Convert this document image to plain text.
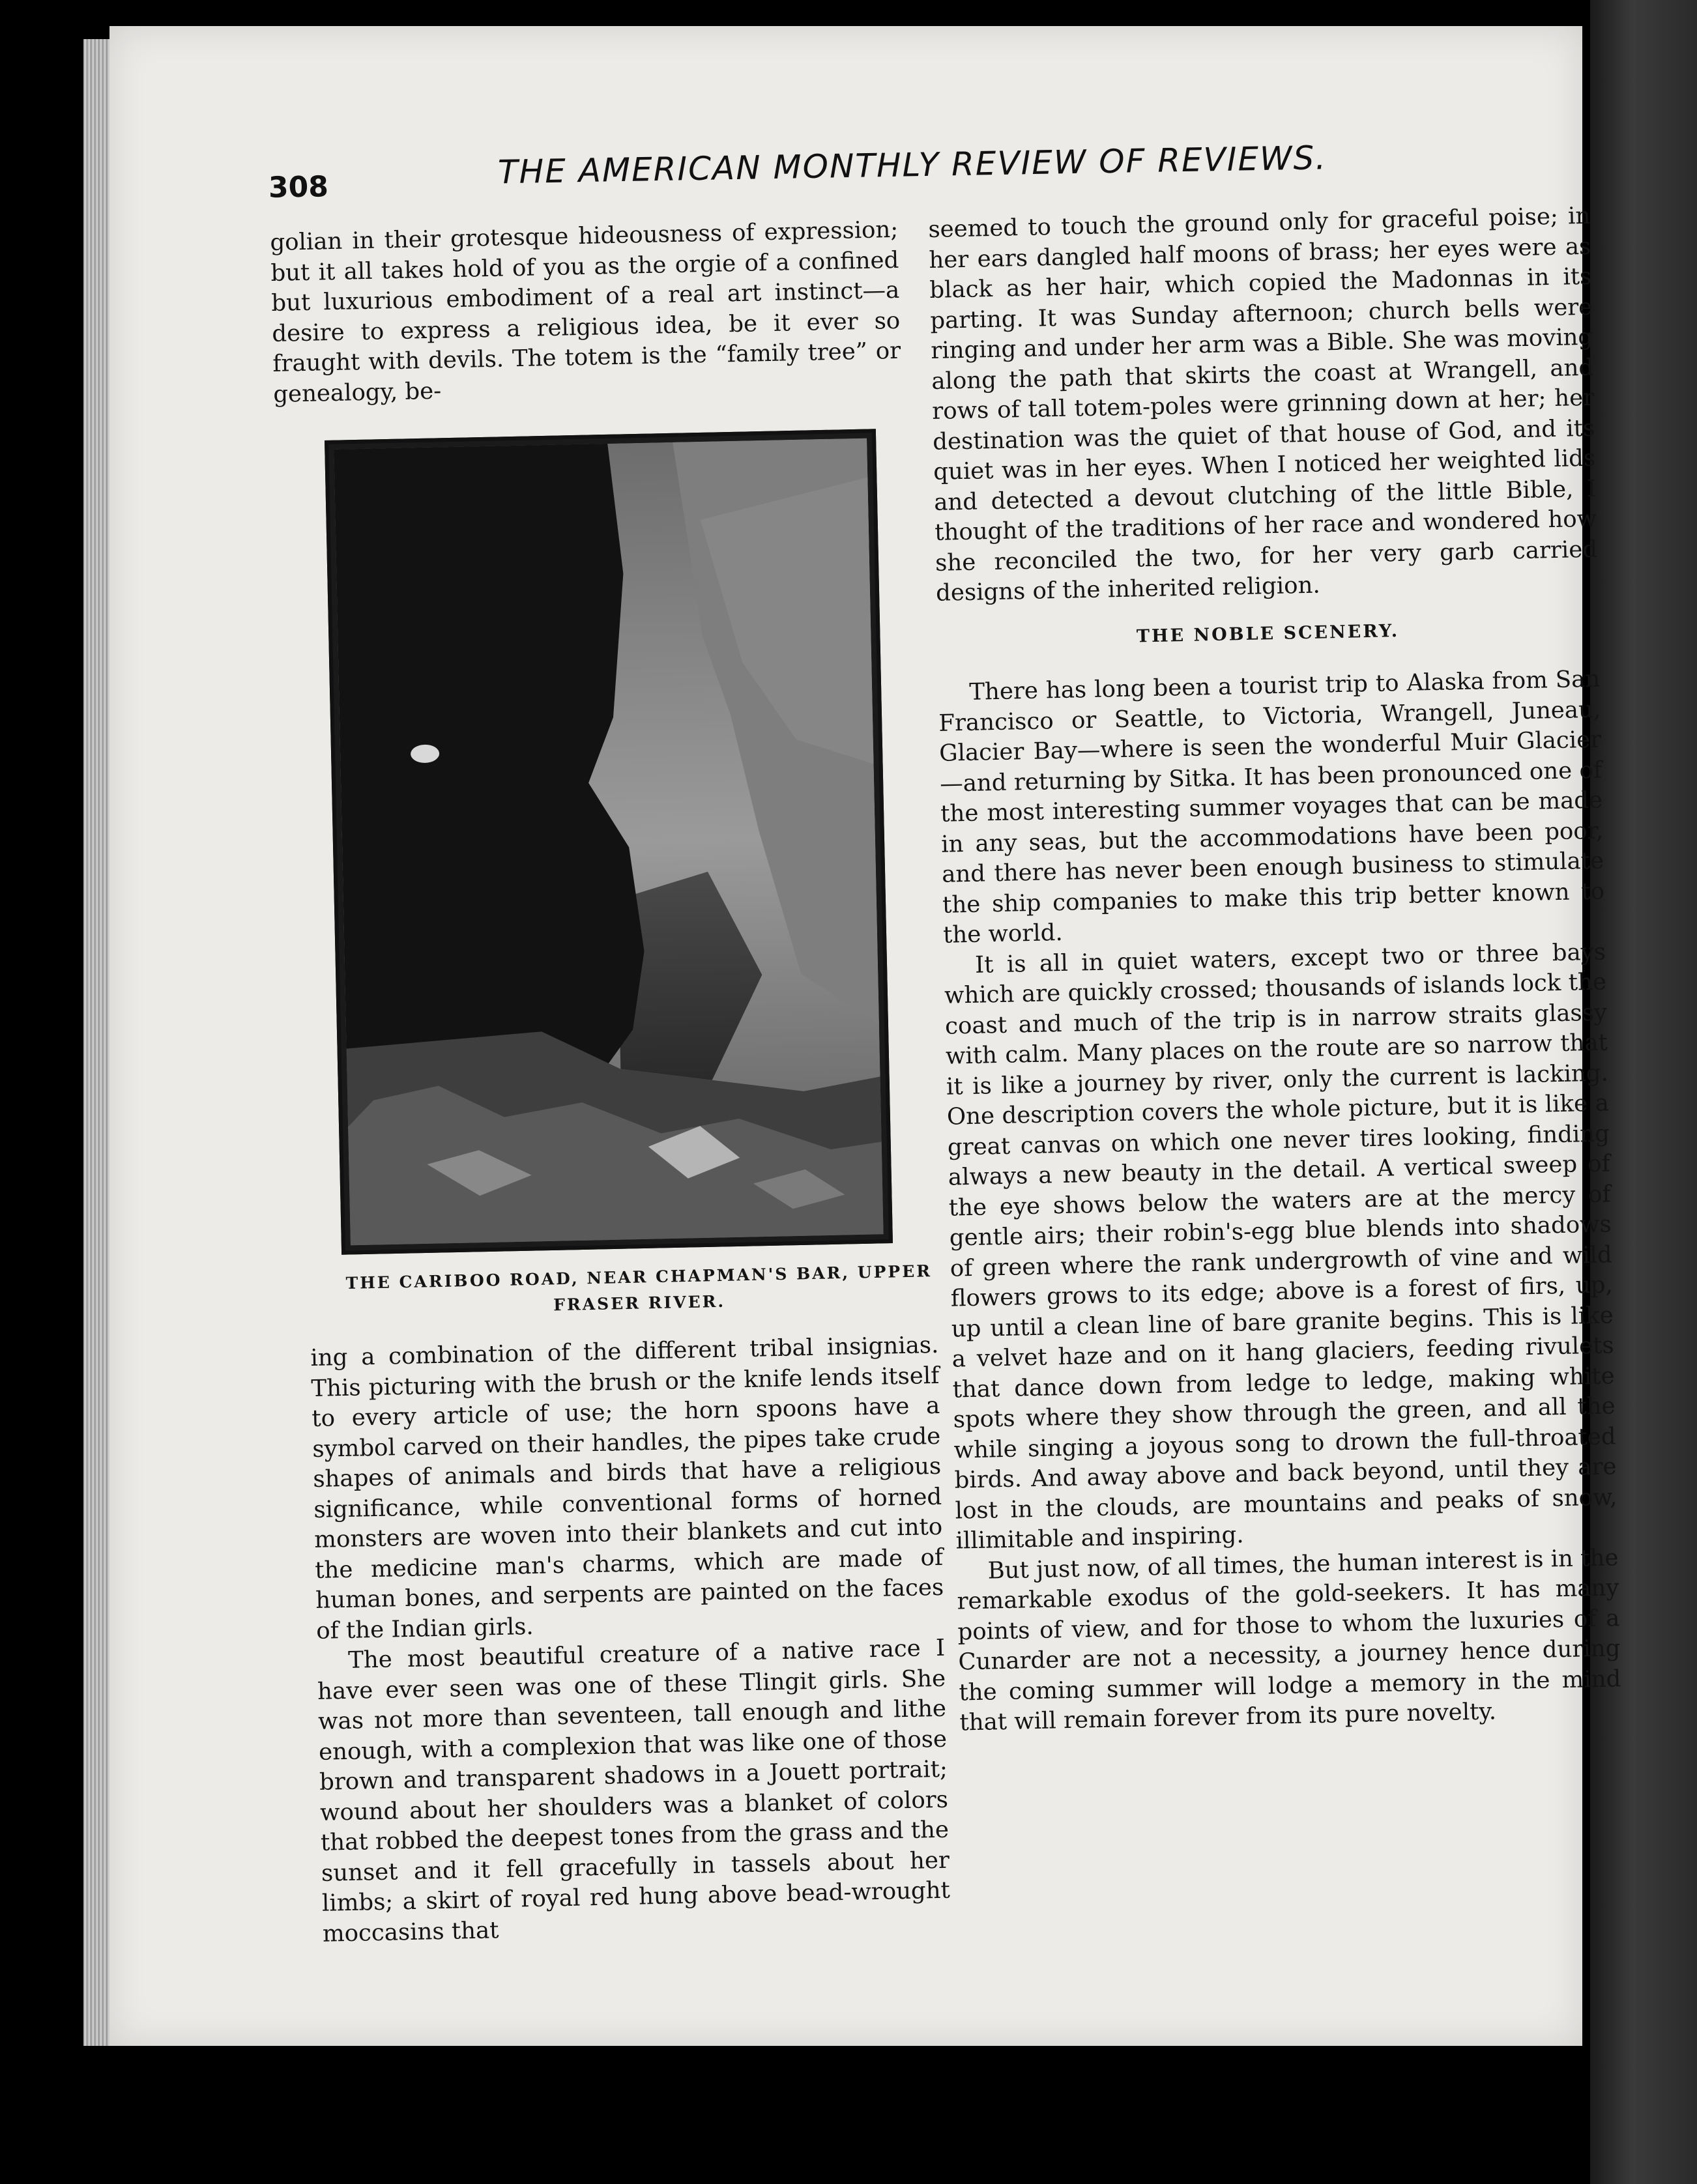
308	THE AMERICAN MONTHLY REVIEW OF REVIEWS.

golian in their grotesque hideousness of expression; but it all takes hold of you as the orgie of a confined but luxurious embodiment of a real art instinct—a desire to express a religious idea, be it ever so fraught with devils. The totem is the “family tree” or genealogy, be-

THE CARIBOO ROAD, NEAR CHAPMAN'S BAR, UPPER
FRASER RIVER.

ing a combination of the different tribal insignias. This picturing with the brush or the knife lends itself to every article of use; the horn spoons have a symbol carved on their handles, the pipes take crude shapes of animals and birds that have a religious significance, while conventional forms of horned monsters are woven into their blankets and cut into the medicine man's charms, which are made of human bones, and serpents are painted on the faces of the Indian girls.

The most beautiful creature of a native race I have ever seen was one of these Tlingit girls. She was not more than seventeen, tall enough and lithe enough, with a complexion that was like one of those brown and transparent shadows in a Jouett portrait; wound about her shoulders was a blanket of colors that robbed the deepest tones from the grass and the sunset and it fell gracefully in tassels about her limbs; a skirt of royal red hung above bead-wrought moccasins that

seemed to touch the ground only for graceful poise; in her ears dangled half moons of brass; her eyes were as black as her hair, which copied the Madonnas in its parting. It was Sunday afternoon; church bells were ringing and under her arm was a Bible. She was moving along the path that skirts the coast at Wrangell, and rows of tall totem-poles were grinning down at her; her destination was the quiet of that house of God, and its quiet was in her eyes. When I noticed her weighted lids and detected a devout clutching of the little Bible, I thought of the traditions of her race and wondered how she reconciled the two, for her very garb carried designs of the inherited religion.

THE NOBLE SCENERY.

There has long been a tourist trip to Alaska from San Francisco or Seattle, to Victoria, Wrangell, Juneau, Glacier Bay—where is seen the wonderful Muir Glacier—and returning by Sitka. It has been pronounced one of the most interesting summer voyages that can be made in any seas, but the accommodations have been poor, and there has never been enough business to stimulate the ship companies to make this trip better known to the world.

It is all in quiet waters, except two or three bays which are quickly crossed; thousands of islands lock the coast and much of the trip is in narrow straits glassy with calm. Many places on the route are so narrow that it is like a journey by river, only the current is lacking. One description covers the whole picture, but it is like a great canvas on which one never tires looking, finding always a new beauty in the detail. A vertical sweep of the eye shows below the waters are at the mercy of gentle airs; their robin's-egg blue blends into shadows of green where the rank undergrowth of vine and wild flowers grows to its edge; above is a forest of firs, up, up until a clean line of bare granite begins. This is like a velvet haze and on it hang glaciers, feeding rivulets that dance down from ledge to ledge, making white spots where they show through the green, and all the while singing a joyous song to drown the full-throated birds. And away above and back beyond, until they are lost in the clouds, are mountains and peaks of snow, illimitable and inspiring.

But just now, of all times, the human interest is in the remarkable exodus of the gold-seekers. It has many points of view, and for those to whom the luxuries of a Cunarder are not a necessity, a journey hence during the coming summer will lodge a memory in the mind that will remain forever from its pure novelty.
